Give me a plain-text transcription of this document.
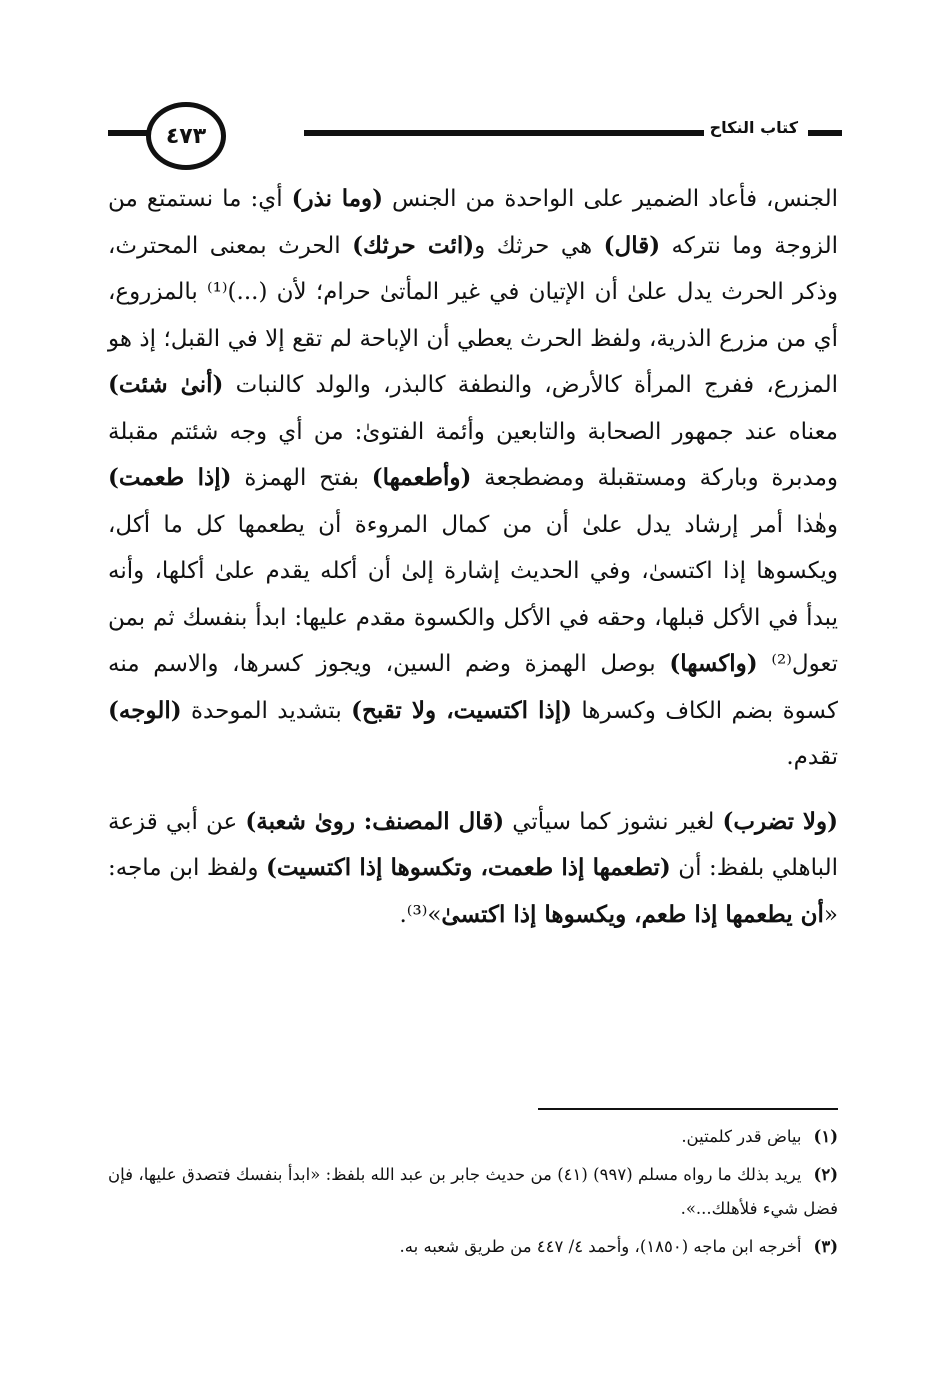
٤٧٣	كتاب النكاح

الجنس، فأعاد الضمير على الواحدة من الجنس (وما نذر) أي: ما نستمتع من الزوجة وما نتركه (قال) هي حرثك و(ائت حرثك) الحرث بمعنى المحترث، وذكر الحرث يدل علىٰ أن الإتيان في غير المأتىٰ حرام؛ لأن (...)⁽¹⁾ بالمزروع، أي من مزرع الذرية، ولفظ الحرث يعطي أن الإباحة لم تقع إلا في القبل؛ إذ هو المزرع، ففرج المرأة كالأرض، والنطفة كالبذر، والولد كالنبات (أنىٰ شئت) معناه عند جمهور الصحابة والتابعين وأئمة الفتوىٰ: من أي وجه شئتم مقبلة ومدبرة وباركة ومستقبلة ومضطجعة (وأطعمها) بفتح الهمزة (إذا طعمت) وهٰذا أمر إرشاد يدل علىٰ أن من كمال المروءة أن يطعمها كل ما أكل، ويكسوها إذا اكتسىٰ، وفي الحديث إشارة إلىٰ أن أكله يقدم علىٰ أكلها، وأنه يبدأ في الأكل قبلها، وحقه في الأكل والكسوة مقدم عليها: ابدأ بنفسك ثم بمن تعول⁽²⁾ (واكسها) بوصل الهمزة وضم السين، ويجوز كسرها، والاسم منه كسوة بضم الكاف وكسرها (إذا اكتسيت، ولا تقبح) بتشديد الموحدة (الوجه) تقدم.

(ولا تضرب) لغير نشوز كما سيأتي (قال المصنف: روىٰ شعبة) عن أبي قزعة الباهلي بلفظ: أن (تطعمها إذا طعمت، وتكسوها إذا اكتسيت) ولفظ ابن ماجه: «أن يطعمها إذا طعم، ويكسوها إذا اكتسىٰ»⁽³⁾.

(١)بياض قدر كلمتين.

(٢)يريد بذلك ما رواه مسلم (٩٩٧) (٤١) من حديث جابر بن عبد الله بلفظ: «ابدأ بنفسك فتصدق عليها، فإن فضل شيء فلأهلك...».

(٣)أخرجه ابن ماجه (١٨٥٠)، وأحمد ٤/ ٤٤٧ من طريق شعبه به.
